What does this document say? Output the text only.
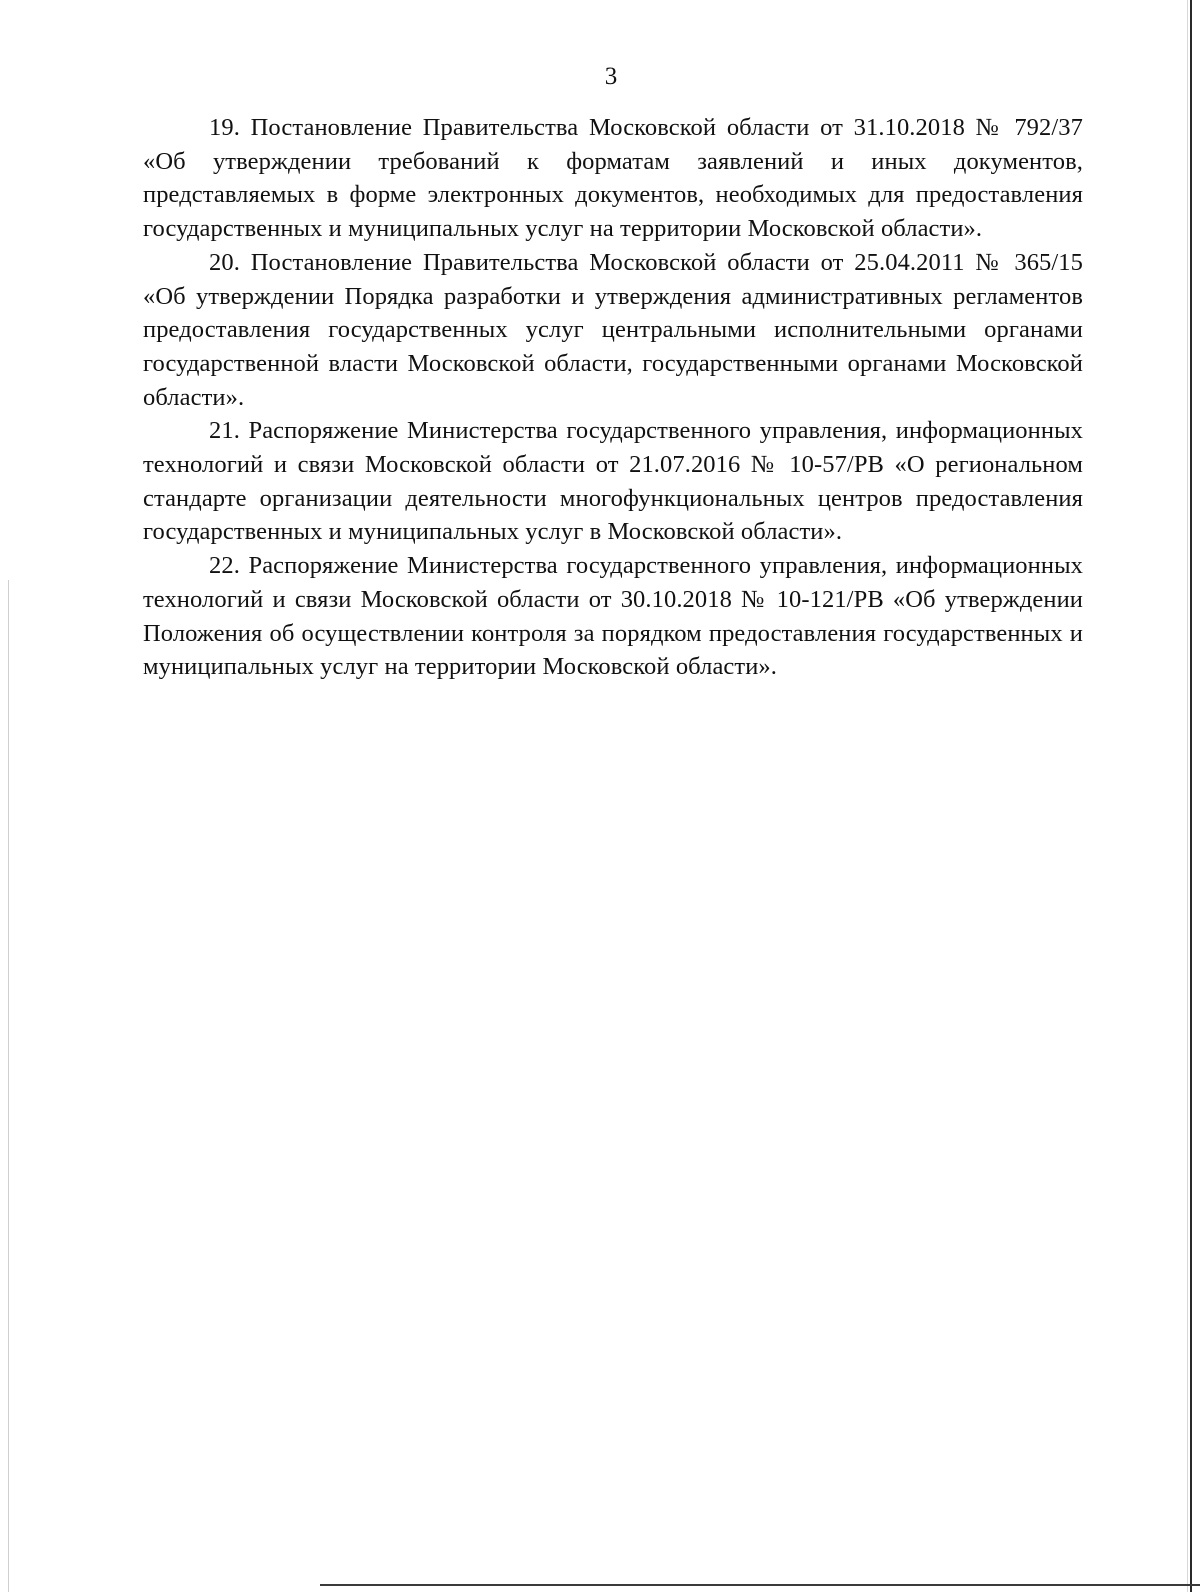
3

19. Постановление Правительства Московской области от 31.10.2018 № 792/37 «Об утверждении требований к форматам заявлений и иных документов, представляемых в форме электронных документов, необходимых для предоставления государственных и муниципальных услуг на территории Московской области».

20. Постановление Правительства Московской области от 25.04.2011 № 365/15 «Об утверждении Порядка разработки и утверждения административных регламентов предоставления государственных услуг центральными исполнительными органами государственной власти Московской области, государственными органами Московской области».

21. Распоряжение Министерства государственного управления, информационных технологий и связи Московской области от 21.07.2016 № 10-57/РВ «О региональном стандарте организации деятельности многофункциональных центров предоставления государственных и муниципальных услуг в Московской области».

22. Распоряжение Министерства государственного управления, информационных технологий и связи Московской области от 30.10.2018 № 10-121/РВ «Об утверждении Положения об осуществлении контроля за порядком предоставления государственных и муниципальных услуг на территории Московской области».
